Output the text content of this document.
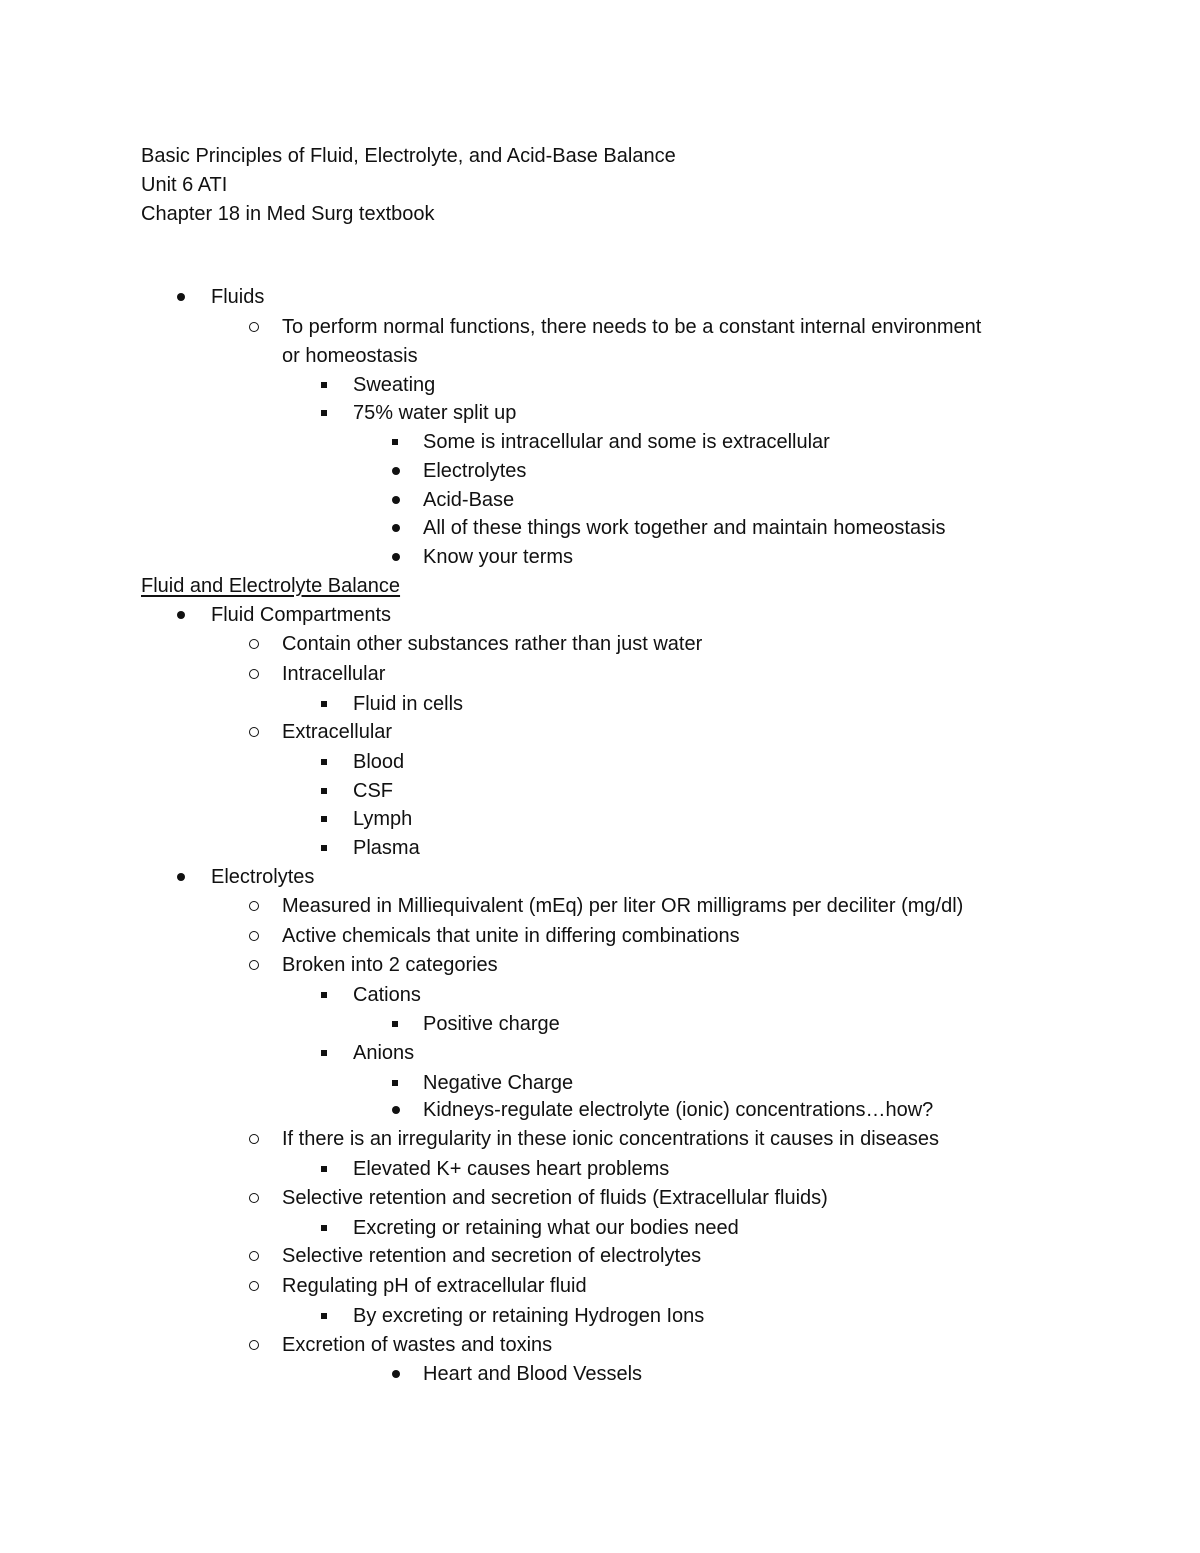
Basic Principles of Fluid, Electrolyte, and Acid-Base Balance
Unit 6 ATI
Chapter 18 in Med Surg textbook
Fluids
To perform normal functions, there needs to be a constant internal environment
or homeostasis
Sweating
75% water split up
Some is intracellular and some is extracellular
Electrolytes
Acid-Base
All of these things work together and maintain homeostasis
Know your terms
Fluid and Electrolyte Balance
Fluid Compartments
Contain other substances rather than just water
Intracellular
Fluid in cells
Extracellular
Blood
CSF
Lymph
Plasma
Electrolytes
Measured in Milliequivalent (mEq) per liter OR milligrams per deciliter (mg/dl)
Active chemicals that unite in differing combinations
Broken into 2 categories
Cations
Positive charge
Anions
Negative Charge
Kidneys-regulate electrolyte (ionic) concentrations…how?
If there is an irregularity in these ionic concentrations it causes in diseases
Elevated K+ causes heart problems
Selective retention and secretion of fluids (Extracellular fluids)
Excreting or retaining what our bodies need
Selective retention and secretion of electrolytes
Regulating pH of extracellular fluid
By excreting or retaining Hydrogen Ions
Excretion of wastes and toxins
Heart and Blood Vessels
